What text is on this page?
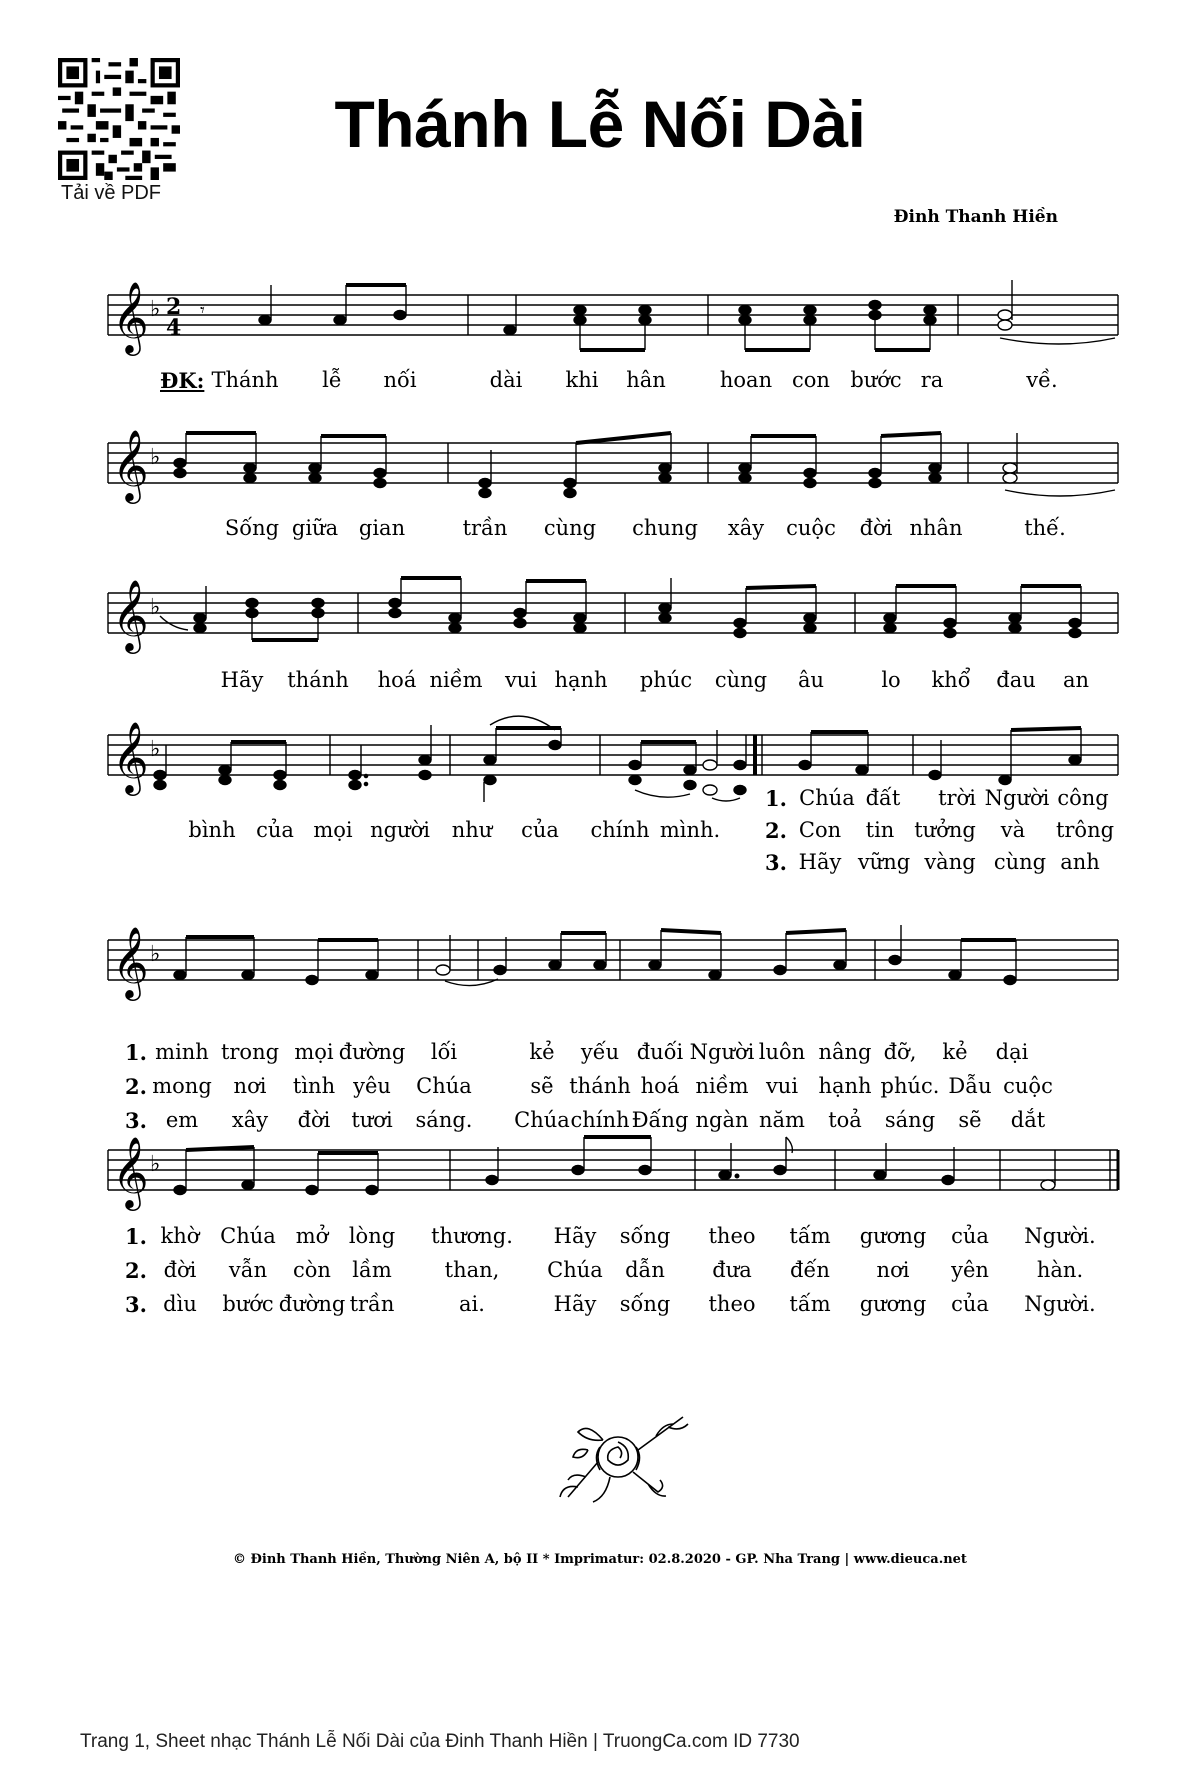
Tải về PDF
Thánh Lễ Nối Dài
Đinh Thanh Hiền
𝄞 ♭ 2
4
𝄾
ĐK: Thánh lễ nối	dài khi hân	hoan con bước ra	về.
𝄞 ♭
Sống giữa gian	trần cùng chung xây cuộc đời nhân	thế.
𝄞 ♭
Hãy thánh hoá niềm vui hạnh phúc cùng âu	lo khổ đau an
𝄞 ♭
bình của mọi người như của chính mình.
1. Chúa đất trời Người công
2. Con tin tưởng và trông
3. Hãy vững vàng cùng anh
𝄞 ♭
1. minh trong mọi đường lối	kẻ yếu đuối Người luôn nâng đỡ, kẻ dại
2. mong nơi tình yêu Chúa	sẽ thánh hoá niềm vui hạnh phúc. Dẫu cuộc
3. em xây đời tươi sáng. Chúa chính Đấng ngàn năm toả sáng sẽ dắt
𝄞 ♭
1. khờ Chúa mở lòng thương. Hãy sống theo tấm gương của Người.
2. đời vẫn còn lầm	than, Chúa dẫn đưa đến nơi yên hàn.
3. dìu bước đường trần	ai.	Hãy sống theo tấm gương của Người.
© Đinh Thanh Hiền, Thường Niên A, bộ II * Imprimatur: 02.8.2020 - GP. Nha Trang | www.dieuca.net
Trang 1, Sheet nhạc Thánh Lễ Nối Dài của Đinh Thanh Hiền | TruongCa.com ID 7730
